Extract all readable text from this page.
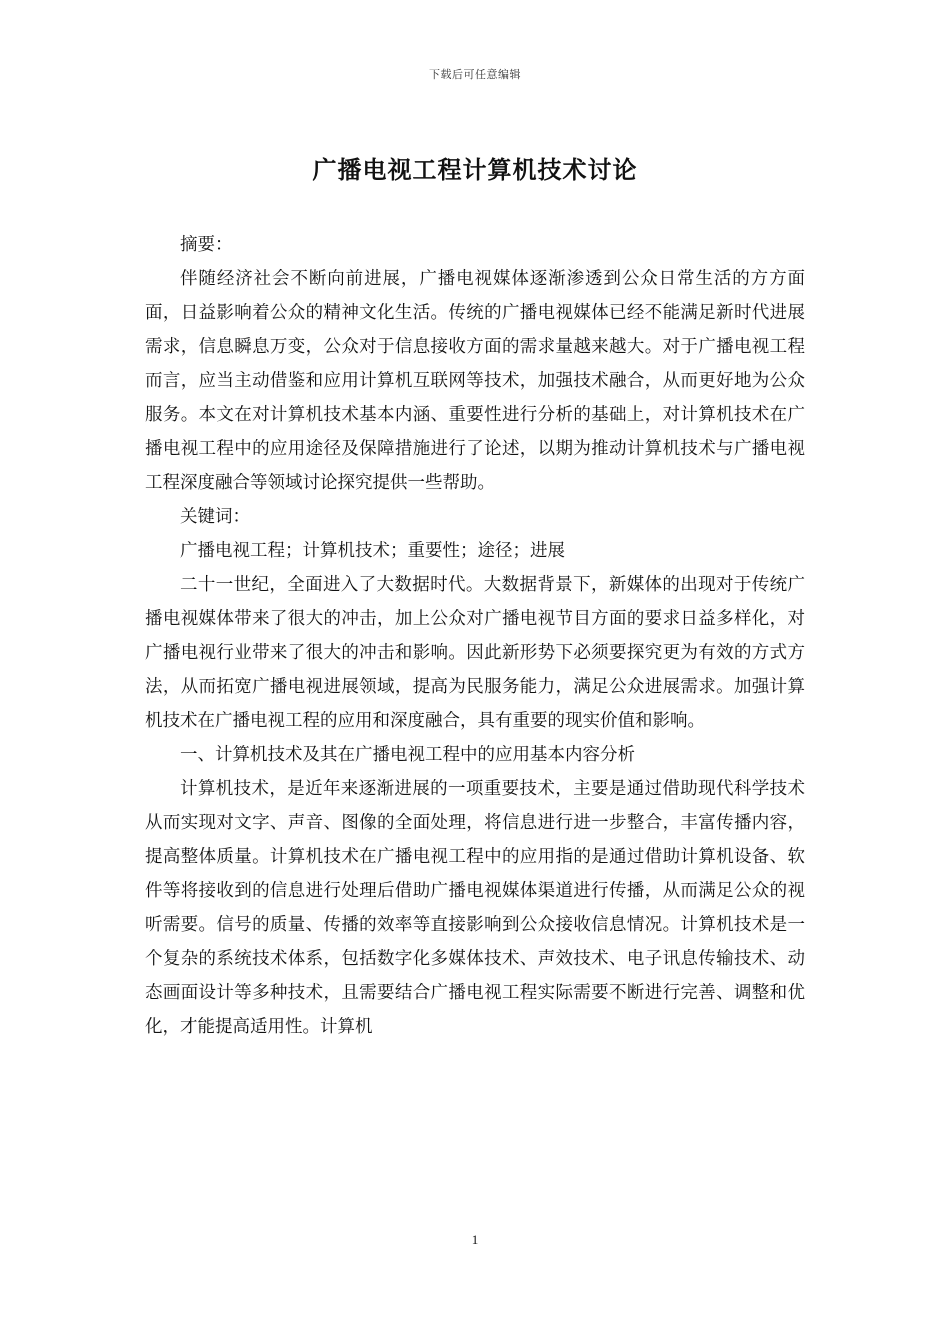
下载后可任意编辑
广播电视工程计算机技术讨论

摘要：

伴随经济社会不断向前进展，广播电视媒体逐渐渗透到公众日常生活的方方面面，日益影响着公众的精神文化生活。传统的广播电视媒体已经不能满足新时代进展需求，信息瞬息万变，公众对于信息接收方面的需求量越来越大。对于广播电视工程而言，应当主动借鉴和应用计算机互联网等技术，加强技术融合，从而更好地为公众服务。本文在对计算机技术基本内涵、重要性进行分析的基础上，对计算机技术在广播电视工程中的应用途径及保障措施进行了论述，以期为推动计算机技术与广播电视工程深度融合等领域讨论探究提供一些帮助。

关键词：

广播电视工程；计算机技术；重要性；途径；进展

二十一世纪，全面进入了大数据时代。大数据背景下，新媒体的出现对于传统广播电视媒体带来了很大的冲击，加上公众对广播电视节目方面的要求日益多样化，对广播电视行业带来了很大的冲击和影响。因此新形势下必须要探究更为有效的方式方法，从而拓宽广播电视进展领域，提高为民服务能力，满足公众进展需求。加强计算机技术在广播电视工程的应用和深度融合，具有重要的现实价值和影响。

一、计算机技术及其在广播电视工程中的应用基本内容分析

计算机技术，是近年来逐渐进展的一项重要技术，主要是通过借助现代科学技术从而实现对文字、声音、图像的全面处理，将信息进行进一步整合，丰富传播内容，提高整体质量。计算机技术在广播电视工程中的应用指的是通过借助计算机设备、软件等将接收到的信息进行处理后借助广播电视媒体渠道进行传播，从而满足公众的视听需要。信号的质量、传播的效率等直接影响到公众接收信息情况。计算机技术是一个复杂的系统技术体系，包括数字化多媒体技术、声效技术、电子讯息传输技术、动态画面设计等多种技术，且需要结合广播电视工程实际需要不断进行完善、调整和优化，才能提高适用性。计算机

1
